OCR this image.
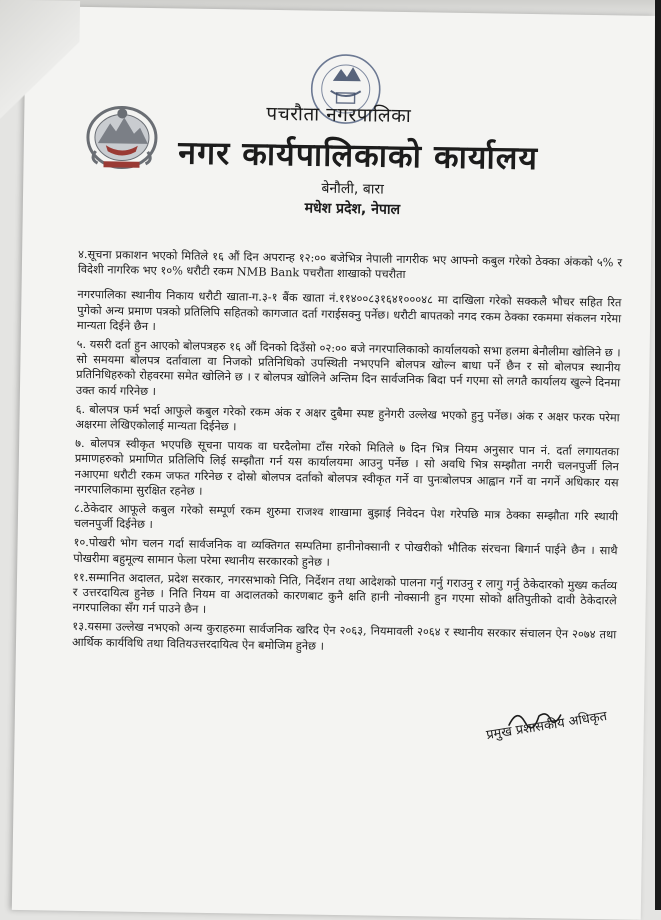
पचरौता नगरपालिका
नगर कार्यपालिकाको कार्यालय
बेनौली, बारा
मधेश प्रदेश, नेपाल

४.सूचना प्रकाशन भएको मितिले १६ औं दिन अपरान्ह १२:०० बजेभित्र नेपाली नागरीक भए आफ्नो कबुल गरेको ठेक्का अंकको ५% र विदेशी नागरिक भए १०% धरौटी रकम NMB Bank पचरौता शाखाको पचरौता

नगरपालिका स्थानीय निकाय धरौटी खाता-ग.३-१ बैंक खाता नं.११४००८३१६४१०००४८ मा दाखिला गरेको सक्कलै भौचर सहित रित पुगेको अन्य प्रमाण पत्रको प्रतिलिपि सहितको कागजात दर्ता गराईसक्नु पर्नेछ। धरौटी बापतको नगद रकम ठेक्का रकममा संकलन गरेमा मान्यता दिईने छैन ।

५. यसरी दर्ता हुन आएको बोलपत्रहरु १६ औं दिनको दिउँसो ०२:०० बजे नगरपालिकाको कार्यालयको सभा हलमा बेनौलीमा खोलिने छ । सो समयमा बोलपत्र दर्तावाला वा निजको प्रतिनिधिको उपस्थिती नभएपनि बोलपत्र खोल्न बाधा पर्ने छैन र सो बोलपत्र स्थानीय प्रतिनिधिहरुको रोहवरमा समेत खोलिने छ । र बोलपत्र खोलिने अन्तिम दिन सार्वजनिक बिदा पर्न गएमा सो लगतै कार्यालय खुल्ने दिनमा उक्त कार्य गरिनेछ ।

६. बोलपत्र फर्म भर्दा आफुले कबुल गरेको रकम अंक र अक्षर दुबैमा स्पष्ट हुनेगरी उल्लेख भएको हुनु पर्नेछ। अंक र अक्षर फरक परेमा अक्षरमा लेखिएकोलाई मान्यता दिईनेछ ।

७. बोलपत्र स्वीकृत भएपछि सूचना पायक वा घरदैलोमा टाँस गरेको मितिले ७ दिन भित्र नियम अनुसार पान नं. दर्ता लगायतका प्रमाणहरुको प्रमाणित प्रतिलिपि लिई सम्झौता गर्न यस कार्यालयमा आउनु पर्नेछ । सो अवधि भित्र सम्झौता नगरी चलनपुर्जी लिन नआएमा धरौटी रकम जफत गरिनेछ र दोस्रो बोलपत्र दर्ताको बोलपत्र स्वीकृत गर्ने वा पुनःबोलपत्र आह्वान गर्ने वा नगर्ने अधिकार यस नगरपालिकामा सुरक्षित रहनेछ ।

८.ठेकेदार आफूले कबुल गरेको सम्पूर्ण रकम शुरुमा राजश्व शाखामा बुझाई निवेदन पेश गरेपछि मात्र ठेक्का सम्झौता गरि स्थायी चलनपुर्जी दिईनेछ ।

१०.पोखरी भोग चलन गर्दा सार्वजनिक वा व्यक्तिगत सम्पतिमा हानीनोक्सानी र पोखरीको भौतिक संरचना बिगार्न पाईने छैन । साथै पोखरीमा बहुमूल्य सामान फेला परेमा स्थानीय सरकारको हुनेछ ।

११.सम्मानित अदालत, प्रदेश सरकार, नगरसभाको निति, निर्देशन तथा आदेशको पालना गर्नु गराउनु र लागु गर्नु ठेकेदारको मुख्य कर्तव्य र उत्तरदायित्व हुनेछ । निति नियम वा अदालतको कारणबाट कुनै क्षति हानी नोक्सानी हुन गएमा सोको क्षतिपुतीको दावी ठेकेदारले नगरपालिका सँग गर्न पाउने छैन ।

१३.यसमा उल्लेख नभएको अन्य कुराहरुमा सार्वजनिक खरिद ऐन २०६३, नियमावली २०६४ र स्थानीय सरकार संचालन ऐन २०७४ तथा आर्थिक कार्यविधि तथा वितियउत्तरदायित्व ऐन बमोजिम हुनेछ ।

प्रमुख प्रशासकीय अधिकृत
